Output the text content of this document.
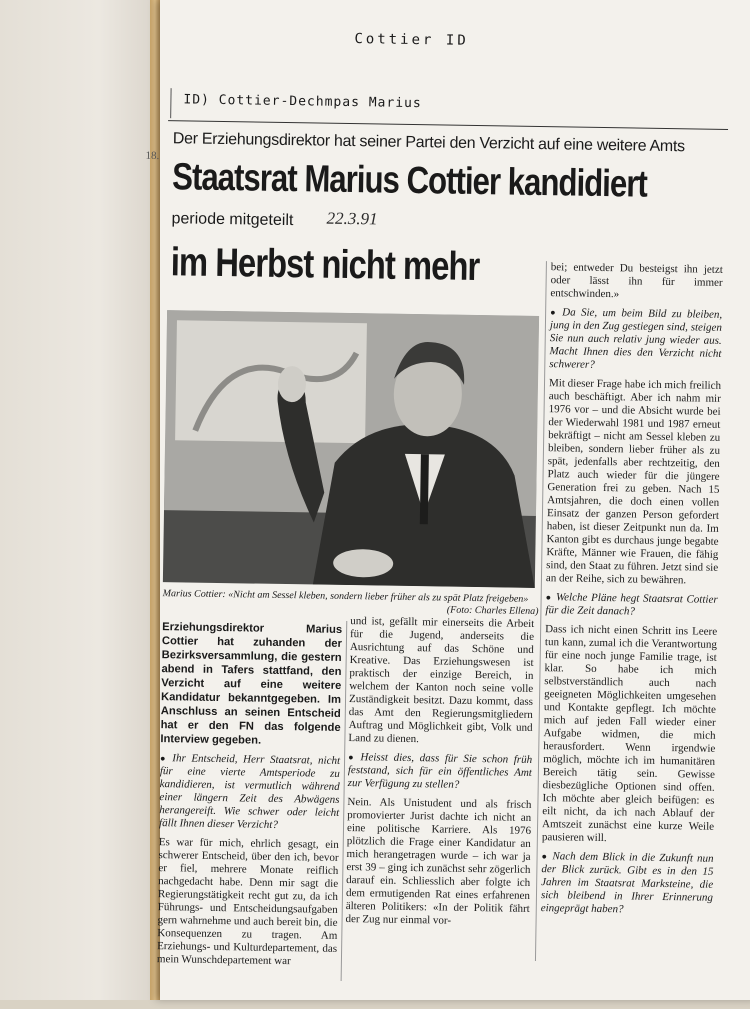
Cottier ID
ID) Cottier-Dechmpas Marius
18.
Der Erziehungsdirektor hat seiner Partei den Verzicht auf eine weitere Amts
Staatsrat Marius Cottier kandidiert
periode mitgeteilt 22.3.91
im Herbst nicht mehr
Marius Cottier: «Nicht am Sessel kleben, sondern lieber früher als zu spät Platz freigeben»
(Foto: Charles Ellena)

Erziehungsdirektor Marius Cottier hat zuhanden der Bezirksversammlung, die gestern abend in Tafers stattfand, den Verzicht auf eine weitere Kandidatur bekanntgegeben. Im Anschluss an seinen Entscheid hat er den FN das folgende Interview gegeben.

● Ihr Entscheid, Herr Staatsrat, nicht für eine vierte Amtsperiode zu kandidieren, ist vermutlich während einer längern Zeit des Abwägens herangereift. Wie schwer oder leicht fällt Ihnen dieser Verzicht?

Es war für mich, ehrlich gesagt, ein schwerer Entscheid, über den ich, bevor er fiel, mehrere Monate reiflich nachgedacht habe. Denn mir sagt die Regierungstätigkeit recht gut zu, da ich Führungs- und Entscheidungsaufgaben gern wahrnehme und auch bereit bin, die Konsequenzen zu tragen. Am Erziehungs- und Kulturdepartement, das mein Wunschdepartement war

und ist, gefällt mir einerseits die Arbeit für die Jugend, anderseits die Ausrichtung auf das Schöne und Kreative. Das Erziehungswesen ist praktisch der einzige Bereich, in welchem der Kanton noch seine volle Zuständigkeit besitzt. Dazu kommt, dass das Amt den Regierungsmitgliedern Auftrag und Möglichkeit gibt, Volk und Land zu dienen.

● Heisst dies, dass für Sie schon früh feststand, sich für ein öffentliches Amt zur Verfügung zu stellen?

Nein. Als Unistudent und als frisch promovierter Jurist dachte ich nicht an eine politische Karriere. Als 1976 plötzlich die Frage einer Kandidatur an mich herangetragen wurde – ich war ja erst 39 – ging ich zunächst sehr zögerlich darauf ein. Schliesslich aber folgte ich dem ermutigenden Rat eines erfahrenen älteren Politikers: «In der Politik fährt der Zug nur einmal vor-

bei; entweder Du besteigst ihn jetzt oder lässt ihn für immer entschwinden.»

● Da Sie, um beim Bild zu bleiben, jung in den Zug gestiegen sind, steigen Sie nun auch relativ jung wieder aus. Macht Ihnen dies den Verzicht nicht schwerer?

Mit dieser Frage habe ich mich freilich auch beschäftigt. Aber ich nahm mir 1976 vor – und die Absicht wurde bei der Wiederwahl 1981 und 1987 erneut bekräftigt – nicht am Sessel kleben zu bleiben, sondern lieber früher als zu spät, jedenfalls aber rechtzeitig, den Platz auch wieder für die jüngere Generation frei zu geben. Nach 15 Amtsjahren, die doch einen vollen Einsatz der ganzen Person gefordert haben, ist dieser Zeitpunkt nun da. Im Kanton gibt es durchaus junge begabte Kräfte, Männer wie Frauen, die fähig sind, den Staat zu führen. Jetzt sind sie an der Reihe, sich zu bewähren.

● Welche Pläne hegt Staatsrat Cottier für die Zeit danach?

Dass ich nicht einen Schritt ins Leere tun kann, zumal ich die Verantwortung für eine noch junge Familie trage, ist klar. So habe ich mich selbstverständlich auch nach geeigneten Möglichkeiten umgesehen und Kontakte gepflegt. Ich möchte mich auf jeden Fall wieder einer Aufgabe widmen, die mich herausfordert. Wenn irgendwie möglich, möchte ich im humanitären Bereich tätig sein. Gewisse diesbezügliche Optionen sind offen. Ich möchte aber gleich beifügen: es eilt nicht, da ich nach Ablauf der Amtszeit zunächst eine kurze Weile pausieren will.

● Nach dem Blick in die Zukunft nun der Blick zurück. Gibt es in den 15 Jahren im Staatsrat Marksteine, die sich bleibend in Ihrer Erinnerung eingeprägt haben?
